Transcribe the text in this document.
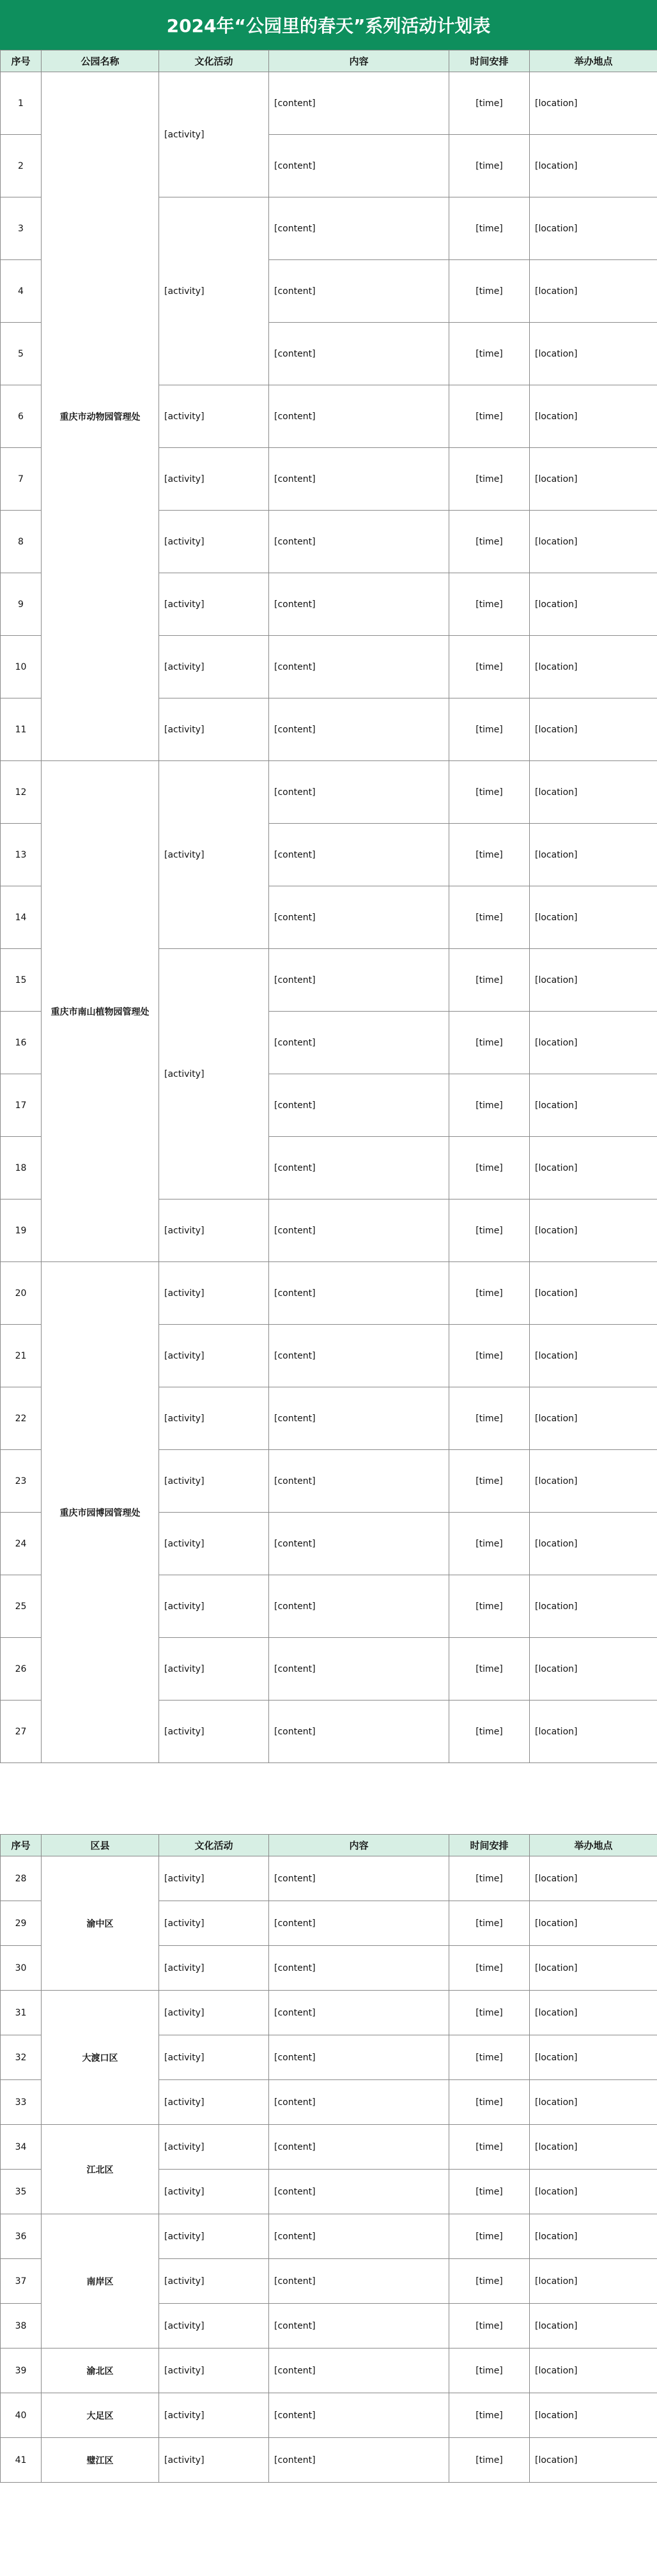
2024年“公园里的春天”系列活动计划表
序号	公园名称	文化活动	内容	时间安排	举办地点
1	重庆市动物园管理处	[activity]	[content]	[time]	[location]
2			[content]	[time]	[location]
3		[activity]	[content]	[time]	[location]
4			[content]	[time]	[location]
5			[content]	[time]	[location]
6		[activity]	[content]	[time]	[location]
7		[activity]	[content]	[time]	[location]
8		[activity]	[content]	[time]	[location]
9		[activity]	[content]	[time]	[location]
10		[activity]	[content]	[time]	[location]
11		[activity]	[content]	[time]	[location]
12	重庆市南山植物园管理处	[activity]	[content]	[time]	[location]
13			[content]	[time]	[location]
14			[content]	[time]	[location]
15		[activity]	[content]	[time]	[location]
16			[content]	[time]	[location]
17			[content]	[time]	[location]
18			[content]	[time]	[location]
19		[activity]	[content]	[time]	[location]
20	重庆市园博园管理处	[activity]	[content]	[time]	[location]
21		[activity]	[content]	[time]	[location]
22		[activity]	[content]	[time]	[location]
23		[activity]	[content]	[time]	[location]
24		[activity]	[content]	[time]	[location]
25		[activity]	[content]	[time]	[location]
26		[activity]	[content]	[time]	[location]
27		[activity]	[content]	[time]	[location]
序号	区县	文化活动	内容	时间安排	举办地点
28	渝中区	[activity]	[content]	[time]	[location]
29		[activity]	[content]	[time]	[location]
30		[activity]	[content]	[time]	[location]
31	大渡口区	[activity]	[content]	[time]	[location]
32		[activity]	[content]	[time]	[location]
33		[activity]	[content]	[time]	[location]
34	江北区	[activity]	[content]	[time]	[location]
35		[activity]	[content]	[time]	[location]
36	南岸区	[activity]	[content]	[time]	[location]
37		[activity]	[content]	[time]	[location]
38		[activity]	[content]	[time]	[location]
39	渝北区	[activity]	[content]	[time]	[location]
40	大足区	[activity]	[content]	[time]	[location]
41	璧江区	[activity]	[content]	[time]	[location]
